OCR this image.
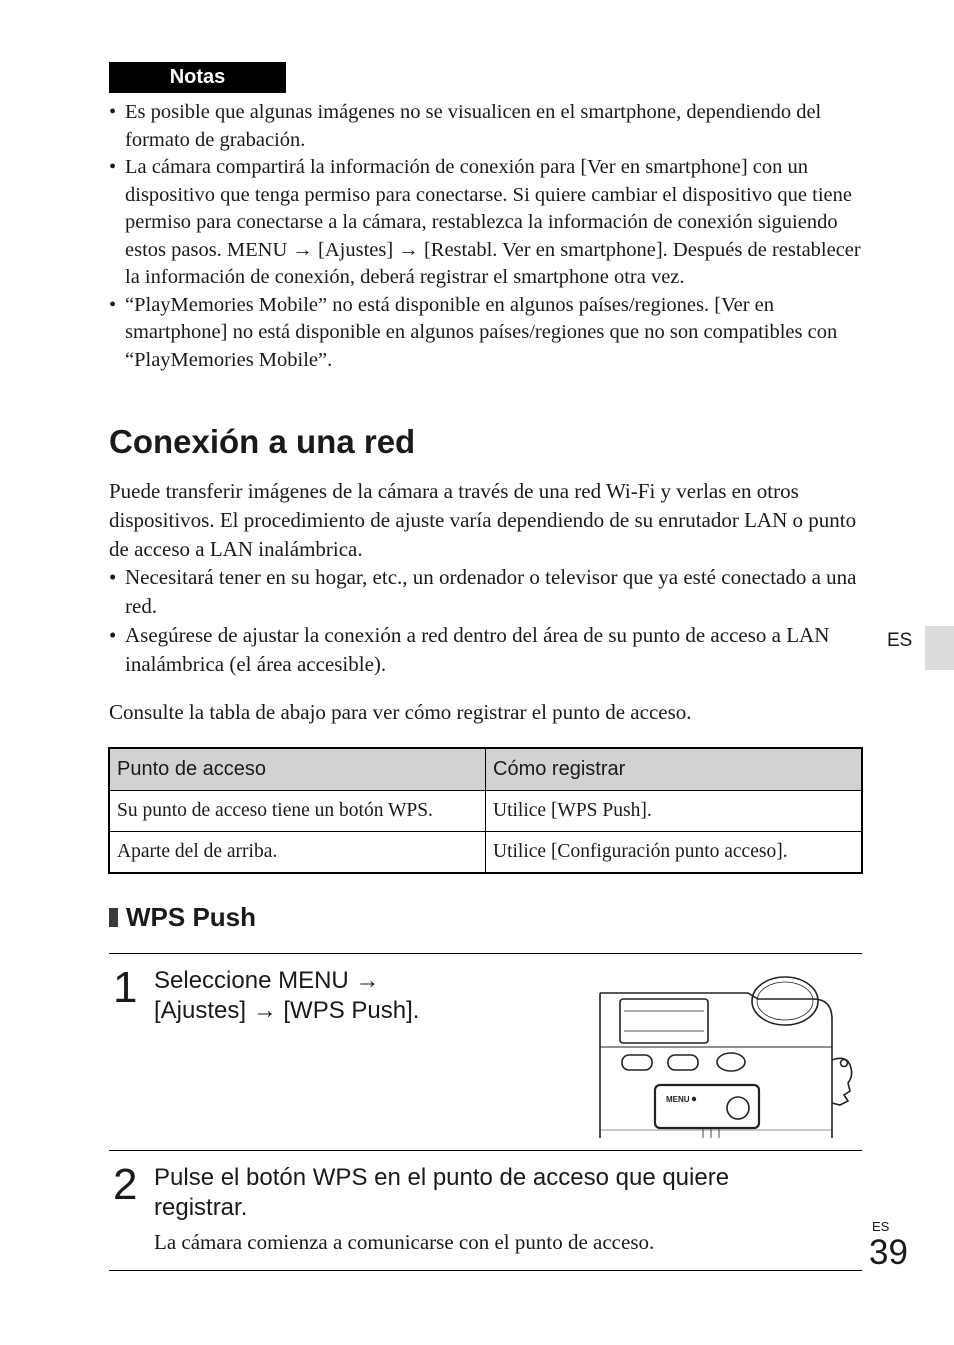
Notas
• Es posible que algunas imágenes no se visualicen en el smartphone, dependiendo del formato de grabación.
• La cámara compartirá la información de conexión para [Ver en smartphone] con un dispositivo que tenga permiso para conectarse. Si quiere cambiar el dispositivo que tiene permiso para conectarse a la cámara, restablezca la información de conexión siguiendo estos pasos. MENU → [Ajustes] → [Restabl. Ver en smartphone]. Después de restablecer la información de conexión, deberá registrar el smartphone otra vez.
• “PlayMemories Mobile” no está disponible en algunos países/regiones. [Ver en smartphone] no está disponible en algunos países/regiones que no son compatibles con “PlayMemories Mobile”.
Conexión a una red

Puede transferir imágenes de la cámara a través de una red Wi-Fi y verlas en otros dispositivos. El procedimiento de ajuste varía dependiendo de su enrutador LAN o punto de acceso a LAN inalámbrica.

• Necesitará tener en su hogar, etc., un ordenador o televisor que ya esté conectado a una red.
• Asegúrese de ajustar la conexión a red dentro del área de su punto de acceso a LAN inalámbrica (el área accesible).

Consulte la tabla de abajo para ver cómo registrar el punto de acceso.

Punto de acceso	Cómo registrar
Su punto de acceso tiene un botón WPS.	Utilice [WPS Push].
Aparte del de arriba.	Utilice [Configuración punto acceso].
WPS Push
1 Seleccione MENU →
[Ajustes] → [WPS Push].

MENU
2 Pulse el botón WPS en el punto de acceso que quiere
registrar.

La cámara comienza a comunicarse con el punto de acceso.

ES
ES
39
